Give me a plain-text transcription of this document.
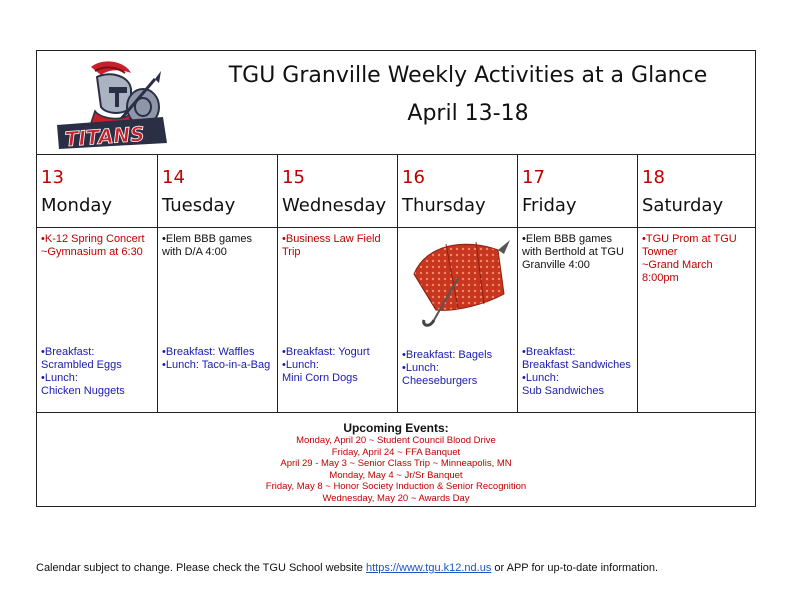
TITANS
TGU Granville Weekly Activities at a Glance
April 13-18
13
Monday
•K-12 Spring Concert
~Gymnasium at 6:30
•Breakfast:
Scrambled Eggs
•Lunch:
Chicken Nuggets
14
Tuesday
•Elem BBB games
with D/A 4:00
•Breakfast: Waffles
•Lunch: Taco-in-a-Bag
15
Wednesday
•Business Law Field
Trip
•Breakfast: Yogurt
•Lunch:
Mini Corn Dogs
16
Thursday
•Breakfast: Bagels
•Lunch:
Cheeseburgers
17
Friday
•Elem BBB games
with Berthold at TGU
Granville 4:00
•Breakfast:
Breakfast Sandwiches
•Lunch:
Sub Sandwiches
18
Saturday
•TGU Prom at TGU
Towner
~Grand March
8:00pm
Upcoming Events:
Monday, April 20 ~ Student Council Blood Drive
Friday, April 24 ~ FFA Banquet
April 29 - May 3 ~ Senior Class Trip ~ Minneapolis, MN
Monday, May 4 ~ Jr/Sr Banquet
Friday, May 8 ~ Honor Society Induction & Senior Recognition
Wednesday, May 20 ~ Awards Day
Calendar subject to change. Please check the TGU School website https://www.tgu.k12.nd.us or APP for up-to-date information.
